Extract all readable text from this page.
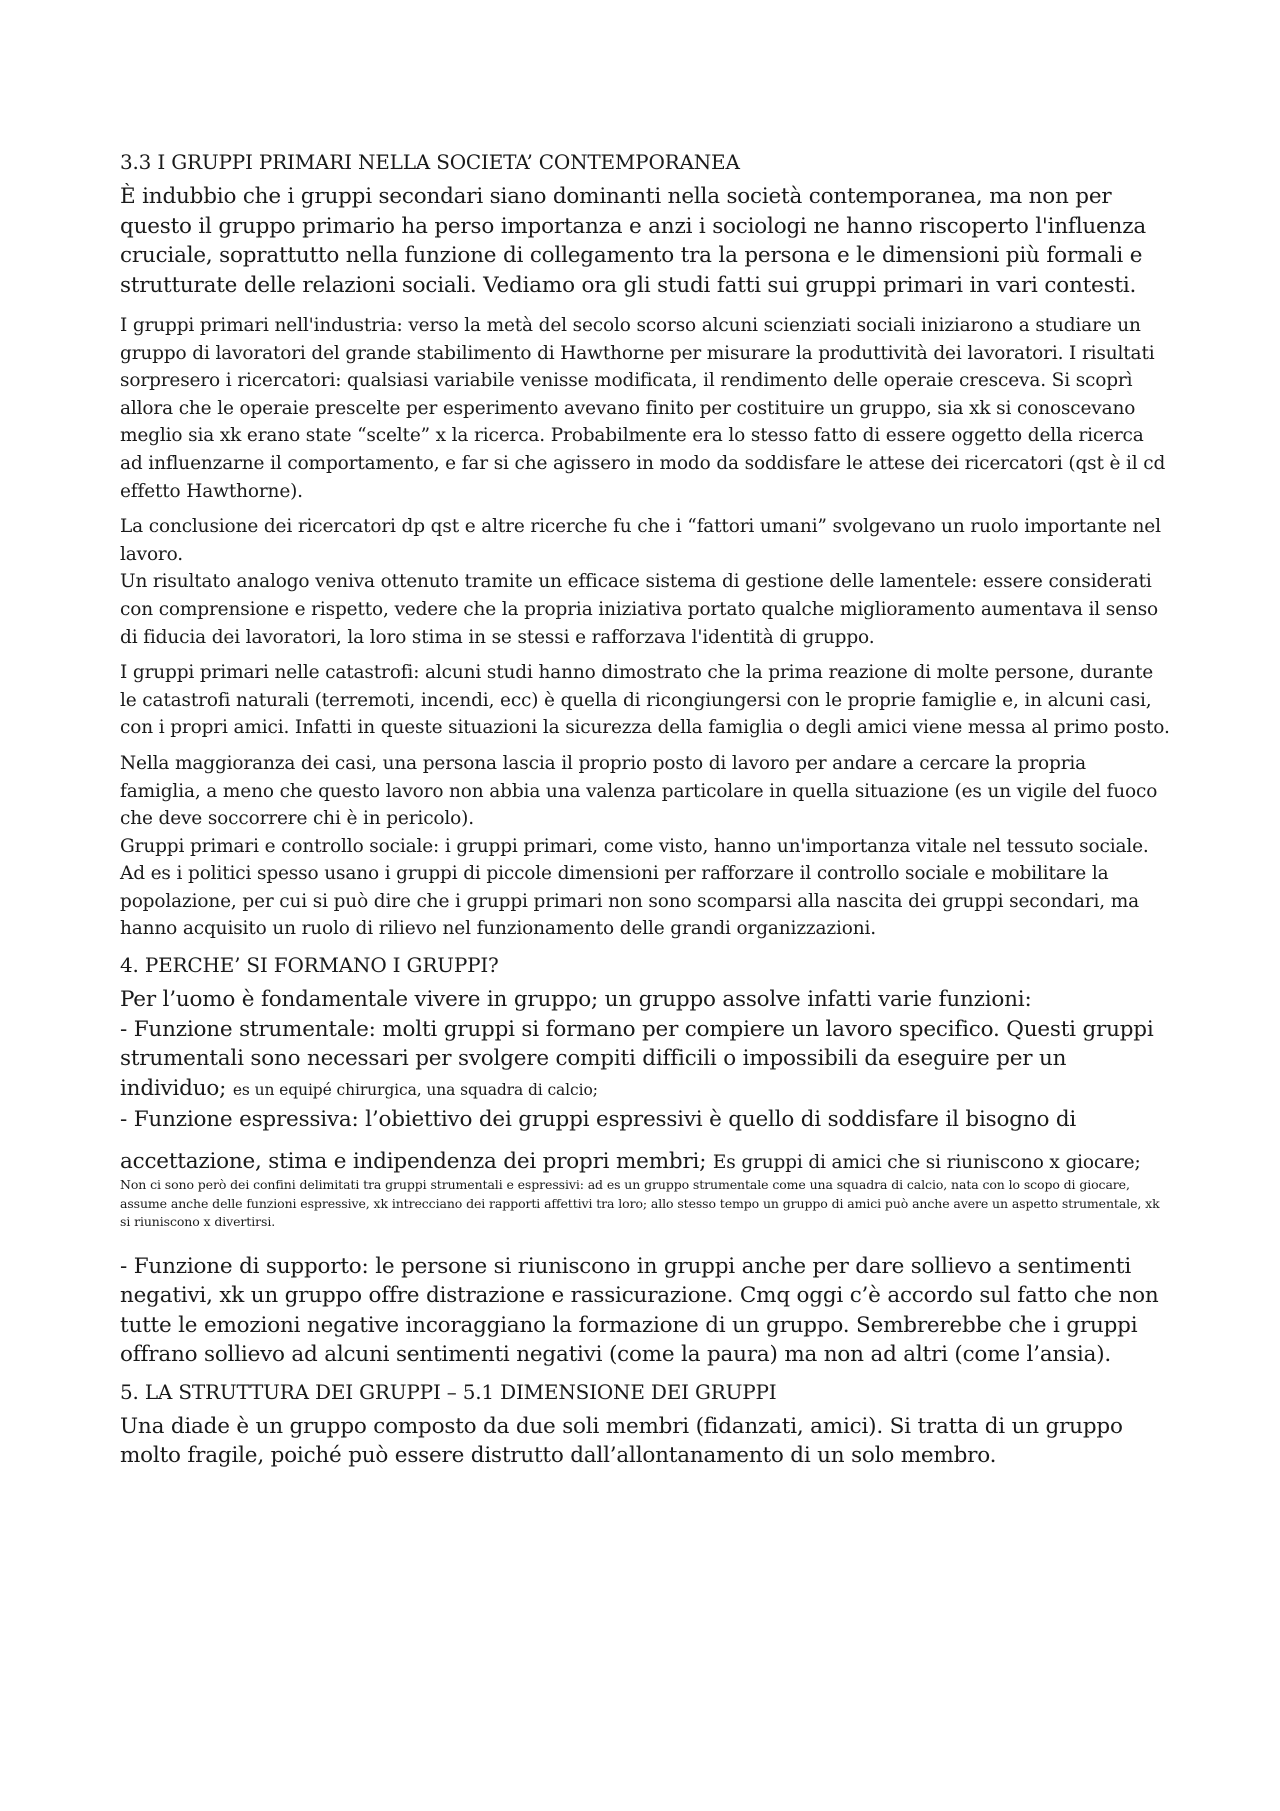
3.3 I GRUPPI PRIMARI NELLA SOCIETA’ CONTEMPORANEA

È indubbio che i gruppi secondari siano dominanti nella società contemporanea, ma non per questo il gruppo primario ha perso importanza e anzi i sociologi ne hanno riscoperto l'influenza cruciale, soprattutto nella funzione di collegamento tra la persona e le dimensioni più formali e strutturate delle relazioni sociali. Vediamo ora gli studi fatti sui gruppi primari in vari contesti.

I gruppi primari nell'industria: verso la metà del secolo scorso alcuni scienziati sociali iniziarono a studiare un gruppo di lavoratori del grande stabilimento di Hawthorne per misurare la produttività dei lavoratori. I risultati sorpresero i ricercatori: qualsiasi variabile venisse modificata, il rendimento delle operaie cresceva. Si scoprì allora che le operaie prescelte per esperimento avevano finito per costituire un gruppo, sia xk si conoscevano meglio sia xk erano state “scelte” x la ricerca. Probabilmente era lo stesso fatto di essere oggetto della ricerca ad influenzarne il comportamento, e far si che agissero in modo da soddisfare le attese dei ricercatori (qst è il cd effetto Hawthorne).

La conclusione dei ricercatori dp qst e altre ricerche fu che i “fattori umani” svolgevano un ruolo importante nel lavoro.

Un risultato analogo veniva ottenuto tramite un efficace sistema di gestione delle lamentele: essere considerati con comprensione e rispetto, vedere che la propria iniziativa portato qualche miglioramento aumentava il senso di fiducia dei lavoratori, la loro stima in se stessi e rafforzava l'identità di gruppo.

I gruppi primari nelle catastrofi: alcuni studi hanno dimostrato che la prima reazione di molte persone, durante le catastrofi naturali (terremoti, incendi, ecc) è quella di ricongiungersi con le proprie famiglie e, in alcuni casi, con i propri amici. Infatti in queste situazioni la sicurezza della famiglia o degli amici viene messa al primo posto.

Nella maggioranza dei casi, una persona lascia il proprio posto di lavoro per andare a cercare la propria famiglia, a meno che questo lavoro non abbia una valenza particolare in quella situazione (es un vigile del fuoco che deve soccorrere chi è in pericolo).

Gruppi primari e controllo sociale: i gruppi primari, come visto, hanno un'importanza vitale nel tessuto sociale. Ad es i politici spesso usano i gruppi di piccole dimensioni per rafforzare il controllo sociale e mobilitare la popolazione, per cui si può dire che i gruppi primari non sono scomparsi alla nascita dei gruppi secondari, ma hanno acquisito un ruolo di rilievo nel funzionamento delle grandi organizzazioni.

4. PERCHE’ SI FORMANO I GRUPPI?

Per l’uomo è fondamentale vivere in gruppo; un gruppo assolve infatti varie funzioni:

- Funzione strumentale: molti gruppi si formano per compiere un lavoro specifico. Questi gruppi strumentali sono necessari per svolgere compiti difficili o impossibili da eseguire per un individuo; es un equipé chirurgica, una squadra di calcio;

- Funzione espressiva: l’obiettivo dei gruppi espressivi è quello di soddisfare il bisogno di

accettazione, stima e indipendenza dei propri membri; Es gruppi di amici che si riuniscono x giocare;

Non ci sono però dei confini delimitati tra gruppi strumentali e espressivi: ad es un gruppo strumentale come una squadra di calcio, nata con lo scopo di giocare, assume anche delle funzioni espressive, xk intrecciano dei rapporti affettivi tra loro; allo stesso tempo un gruppo di amici può anche avere un aspetto strumentale, xk si riuniscono x divertirsi.

- Funzione di supporto: le persone si riuniscono in gruppi anche per dare sollievo a sentimenti negativi, xk un gruppo offre distrazione e rassicurazione. Cmq oggi c’è accordo sul fatto che non tutte le emozioni negative incoraggiano la formazione di un gruppo. Sembrerebbe che i gruppi offrano sollievo ad alcuni sentimenti negativi (come la paura) ma non ad altri (come l’ansia).

5. LA STRUTTURA DEI GRUPPI – 5.1 DIMENSIONE DEI GRUPPI

Una diade è un gruppo composto da due soli membri (fidanzati, amici). Si tratta di un gruppo molto fragile, poiché può essere distrutto dall’allontanamento di un solo membro.
